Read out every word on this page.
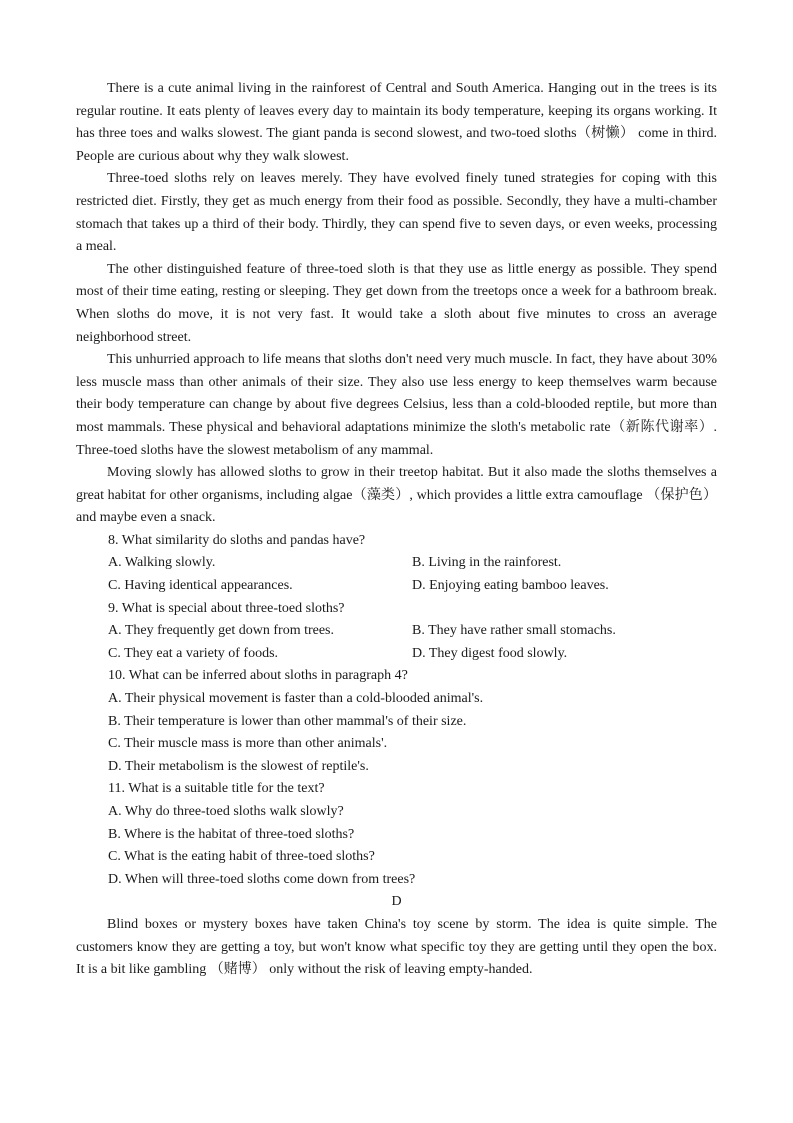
There is a cute animal living in the rainforest of Central and South America. Hanging out in the trees is its regular routine. It eats plenty of leaves every day to maintain its body temperature, keeping its organs working. It has three toes and walks slowest. The giant panda is second slowest, and two-toed sloths（树懒） come in third. People are curious about why they walk slowest.

Three-toed sloths rely on leaves merely. They have evolved finely tuned strategies for coping with this restricted diet. Firstly, they get as much energy from their food as possible. Secondly, they have a multi-chamber stomach that takes up a third of their body. Thirdly, they can spend five to seven days, or even weeks, processing a meal.

The other distinguished feature of three-toed sloth is that they use as little energy as possible. They spend most of their time eating, resting or sleeping. They get down from the treetops once a week for a bathroom break. When sloths do move, it is not very fast. It would take a sloth about five minutes to cross an average neighborhood street.

This unhurried approach to life means that sloths don't need very much muscle. In fact, they have about 30% less muscle mass than other animals of their size. They also use less energy to keep themselves warm because their body temperature can change by about five degrees Celsius, less than a cold-blooded reptile, but more than most mammals. These physical and behavioral adaptations minimize the sloth's metabolic rate（新陈代谢率）. Three-toed sloths have the slowest metabolism of any mammal.

Moving slowly has allowed sloths to grow in their treetop habitat. But it also made the sloths themselves a great habitat for other organisms, including algae（藻类）, which provides a little extra camouflage （保护色） and maybe even a snack.

8. What similarity do sloths and pandas have?
A. Walking slowly.	B. Living in the rainforest.
C. Having identical appearances.	D. Enjoying eating bamboo leaves.
9. What is special about three-toed sloths?
A. They frequently get down from trees.	B. They have rather small stomachs.
C. They eat a variety of foods.	D. They digest food slowly.
10. What can be inferred about sloths in paragraph 4?
A. Their physical movement is faster than a cold-blooded animal's.
B. Their temperature is lower than other mammal's of their size.
C. Their muscle mass is more than other animals'.
D. Their metabolism is the slowest of reptile's.
11. What is a suitable title for the text?
A. Why do three-toed sloths walk slowly?
B. Where is the habitat of three-toed sloths?
C. What is the eating habit of three-toed sloths?
D. When will three-toed sloths come down from trees?

D

Blind boxes or mystery boxes have taken China's toy scene by storm. The idea is quite simple. The customers know they are getting a toy, but won't know what specific toy they are getting until they open the box. It is a bit like gambling （赌博） only without the risk of leaving empty-handed.
